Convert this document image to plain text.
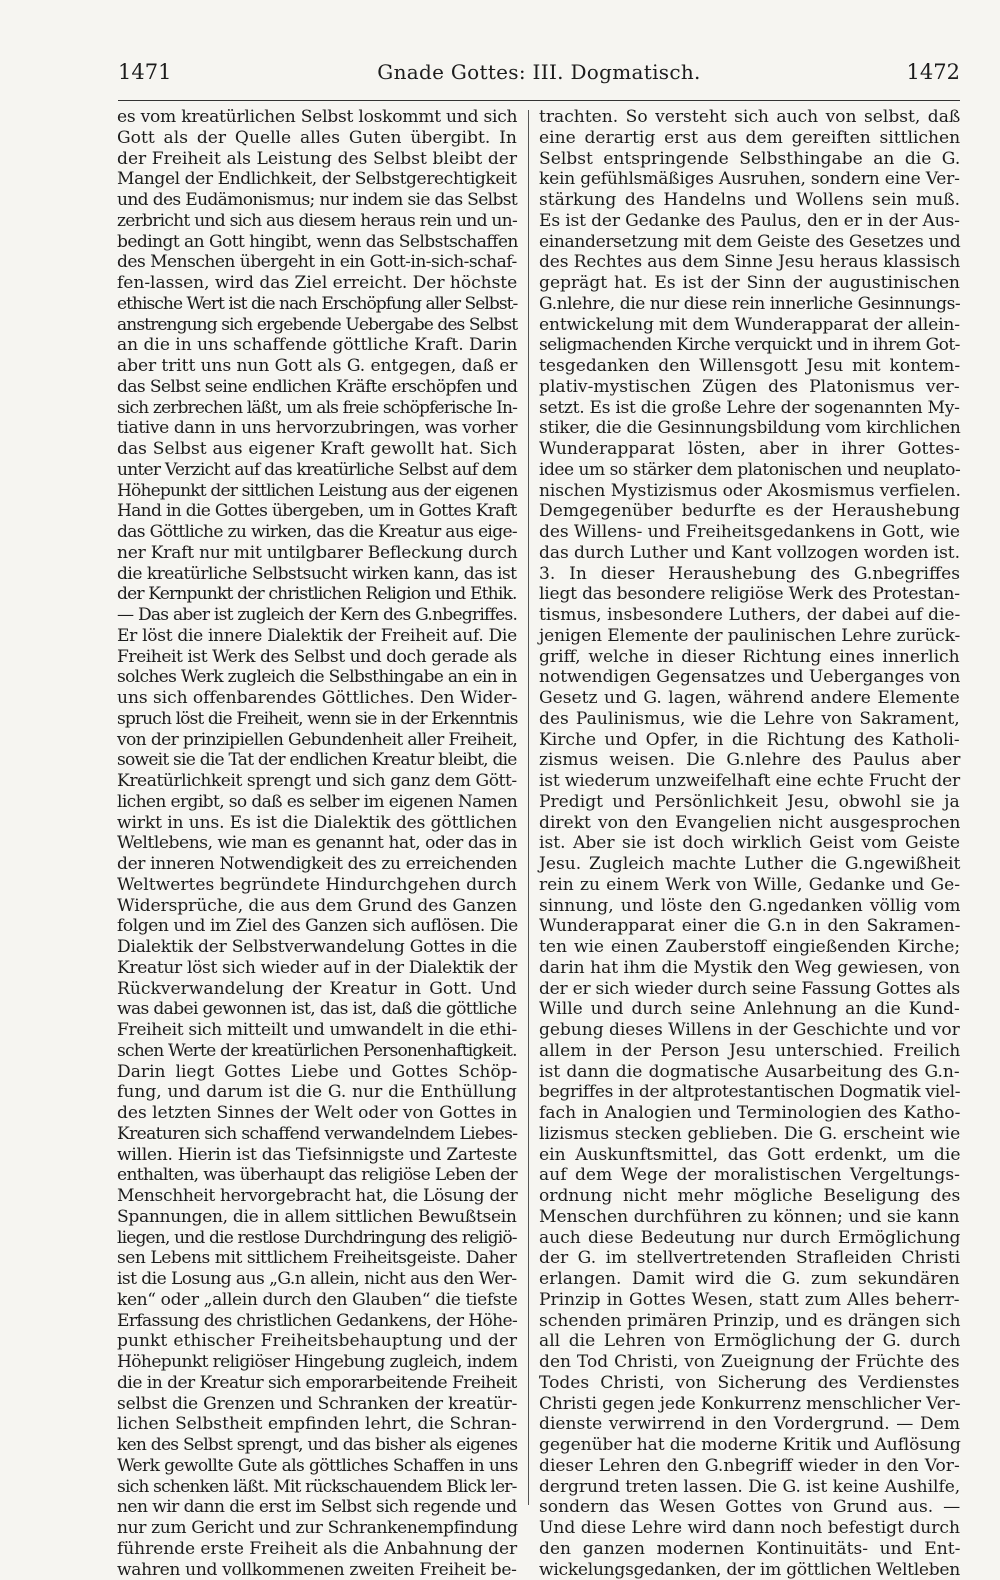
1471	Gnade Gottes: III. Dogmatisch.	1472
es vom kreatürlichen Selbst loskommt und sich
Gott als der Quelle alles Guten übergibt. In
der Freiheit als Leistung des Selbst bleibt der
Mangel der Endlichkeit, der Selbstgerechtigkeit
und des Eudämonismus; nur indem sie das Selbst
zerbricht und sich aus diesem heraus rein und un-
bedingt an Gott hingibt, wenn das Selbstschaffen
des Menschen übergeht in ein Gott-in-sich-schaf-
fen-lassen, wird das Ziel erreicht. Der höchste
ethische Wert ist die nach Erschöpfung aller Selbst-
anstrengung sich ergebende Uebergabe des Selbst
an die in uns schaffende göttliche Kraft. Darin
aber tritt uns nun Gott als G. entgegen, daß er
das Selbst seine endlichen Kräfte erschöpfen und
sich zerbrechen läßt, um als freie schöpferische In-
tiative dann in uns hervorzubringen, was vorher
das Selbst aus eigener Kraft gewollt hat. Sich
unter Verzicht auf das kreatürliche Selbst auf dem
Höhepunkt der sittlichen Leistung aus der eigenen
Hand in die Gottes übergeben, um in Gottes Kraft
das Göttliche zu wirken, das die Kreatur aus eige-
ner Kraft nur mit untilgbarer Befleckung durch
die kreatürliche Selbstsucht wirken kann, das ist
der Kernpunkt der christlichen Religion und Ethik.
— Das aber ist zugleich der Kern des G.nbegriffes.
Er löst die innere Dialektik der Freiheit auf. Die
Freiheit ist Werk des Selbst und doch gerade als
solches Werk zugleich die Selbsthingabe an ein in
uns sich offenbarendes Göttliches. Den Wider-
spruch löst die Freiheit, wenn sie in der Erkenntnis
von der prinzipiellen Gebundenheit aller Freiheit,
soweit sie die Tat der endlichen Kreatur bleibt, die
Kreatürlichkeit sprengt und sich ganz dem Gött-
lichen ergibt, so daß es selber im eigenen Namen
wirkt in uns. Es ist die Dialektik des göttlichen
Weltlebens, wie man es genannt hat, oder das in
der inneren Notwendigkeit des zu erreichenden
Weltwertes begründete Hindurchgehen durch
Widersprüche, die aus dem Grund des Ganzen
folgen und im Ziel des Ganzen sich auflösen. Die
Dialektik der Selbstverwandelung Gottes in die
Kreatur löst sich wieder auf in der Dialektik der
Rückverwandelung der Kreatur in Gott. Und
was dabei gewonnen ist, das ist, daß die göttliche
Freiheit sich mitteilt und umwandelt in die ethi-
schen Werte der kreatürlichen Personenhaftigkeit.
Darin liegt Gottes Liebe und Gottes Schöp-
fung, und darum ist die G. nur die Enthüllung
des letzten Sinnes der Welt oder von Gottes in
Kreaturen sich schaffend verwandelndem Liebes-
willen. Hierin ist das Tiefsinnigste und Zarteste
enthalten, was überhaupt das religiöse Leben der
Menschheit hervorgebracht hat, die Lösung der
Spannungen, die in allem sittlichen Bewußtsein
liegen, und die restlose Durchdringung des religiö-
sen Lebens mit sittlichem Freiheitsgeiste. Daher
ist die Losung aus „G.n allein, nicht aus den Wer-
ken“ oder „allein durch den Glauben“ die tiefste
Erfassung des christlichen Gedankens, der Höhe-
punkt ethischer Freiheitsbehauptung und der
Höhepunkt religiöser Hingebung zugleich, indem
die in der Kreatur sich emporarbeitende Freiheit
selbst die Grenzen und Schranken der kreatür-
lichen Selbstheit empfinden lehrt, die Schran-
ken des Selbst sprengt, und das bisher als eigenes
Werk gewollte Gute als göttliches Schaffen in uns
sich schenken läßt. Mit rückschauendem Blick ler-
nen wir dann die erst im Selbst sich regende und
nur zum Gericht und zur Schrankenempfindung
führende erste Freiheit als die Anbahnung der
wahren und vollkommenen zweiten Freiheit be-
trachten. So versteht sich auch von selbst, daß
eine derartig erst aus dem gereiften sittlichen
Selbst entspringende Selbsthingabe an die G.
kein gefühlsmäßiges Ausruhen, sondern eine Ver-
stärkung des Handelns und Wollens sein muß.
Es ist der Gedanke des Paulus, den er in der Aus-
einandersetzung mit dem Geiste des Gesetzes und
des Rechtes aus dem Sinne Jesu heraus klassisch
geprägt hat. Es ist der Sinn der augustinischen
G.nlehre, die nur diese rein innerliche Gesinnungs-
entwickelung mit dem Wunderapparat der allein-
seligmachenden Kirche verquickt und in ihrem Got-
tesgedanken den Willensgott Jesu mit kontem-
plativ-mystischen Zügen des Platonismus ver-
setzt. Es ist die große Lehre der sogenannten My-
stiker, die die Gesinnungsbildung vom kirchlichen
Wunderapparat lösten, aber in ihrer Gottes-
idee um so stärker dem platonischen und neuplato-
nischen Mystizismus oder Akosmismus verfielen.
Demgegenüber bedurfte es der Heraushebung
des Willens- und Freiheitsgedankens in Gott, wie
das durch Luther und Kant vollzogen worden ist.
3. In dieser Heraushebung des G.nbegriffes
liegt das besondere religiöse Werk des Protestan-
tismus, insbesondere Luthers, der dabei auf die-
jenigen Elemente der paulinischen Lehre zurück-
griff, welche in dieser Richtung eines innerlich
notwendigen Gegensatzes und Ueberganges von
Gesetz und G. lagen, während andere Elemente
des Paulinismus, wie die Lehre von Sakrament,
Kirche und Opfer, in die Richtung des Katholi-
zismus weisen. Die G.nlehre des Paulus aber
ist wiederum unzweifelhaft eine echte Frucht der
Predigt und Persönlichkeit Jesu, obwohl sie ja
direkt von den Evangelien nicht ausgesprochen
ist. Aber sie ist doch wirklich Geist vom Geiste
Jesu. Zugleich machte Luther die G.ngewißheit
rein zu einem Werk von Wille, Gedanke und Ge-
sinnung, und löste den G.ngedanken völlig vom
Wunderapparat einer die G.n in den Sakramen-
ten wie einen Zauberstoff eingießenden Kirche;
darin hat ihm die Mystik den Weg gewiesen, von
der er sich wieder durch seine Fassung Gottes als
Wille und durch seine Anlehnung an die Kund-
gebung dieses Willens in der Geschichte und vor
allem in der Person Jesu unterschied. Freilich
ist dann die dogmatische Ausarbeitung des G.n-
begriffes in der altprotestantischen Dogmatik viel-
fach in Analogien und Terminologien des Katho-
lizismus stecken geblieben. Die G. erscheint wie
ein Auskunftsmittel, das Gott erdenkt, um die
auf dem Wege der moralistischen Vergeltungs-
ordnung nicht mehr mögliche Beseligung des
Menschen durchführen zu können; und sie kann
auch diese Bedeutung nur durch Ermöglichung
der G. im stellvertretenden Strafleiden Christi
erlangen. Damit wird die G. zum sekundären
Prinzip in Gottes Wesen, statt zum Alles beherr-
schenden primären Prinzip, und es drängen sich
all die Lehren von Ermöglichung der G. durch
den Tod Christi, von Zueignung der Früchte des
Todes Christi, von Sicherung des Verdienstes
Christi gegen jede Konkurrenz menschlicher Ver-
dienste verwirrend in den Vordergrund. — Dem
gegenüber hat die moderne Kritik und Auflösung
dieser Lehren den G.nbegriff wieder in den Vor-
dergrund treten lassen. Die G. ist keine Aushilfe,
sondern das Wesen Gottes von Grund aus. —
Und diese Lehre wird dann noch befestigt durch
den ganzen modernen Kontinuitäts- und Ent-
wickelungsgedanken, der im göttlichen Weltleben
